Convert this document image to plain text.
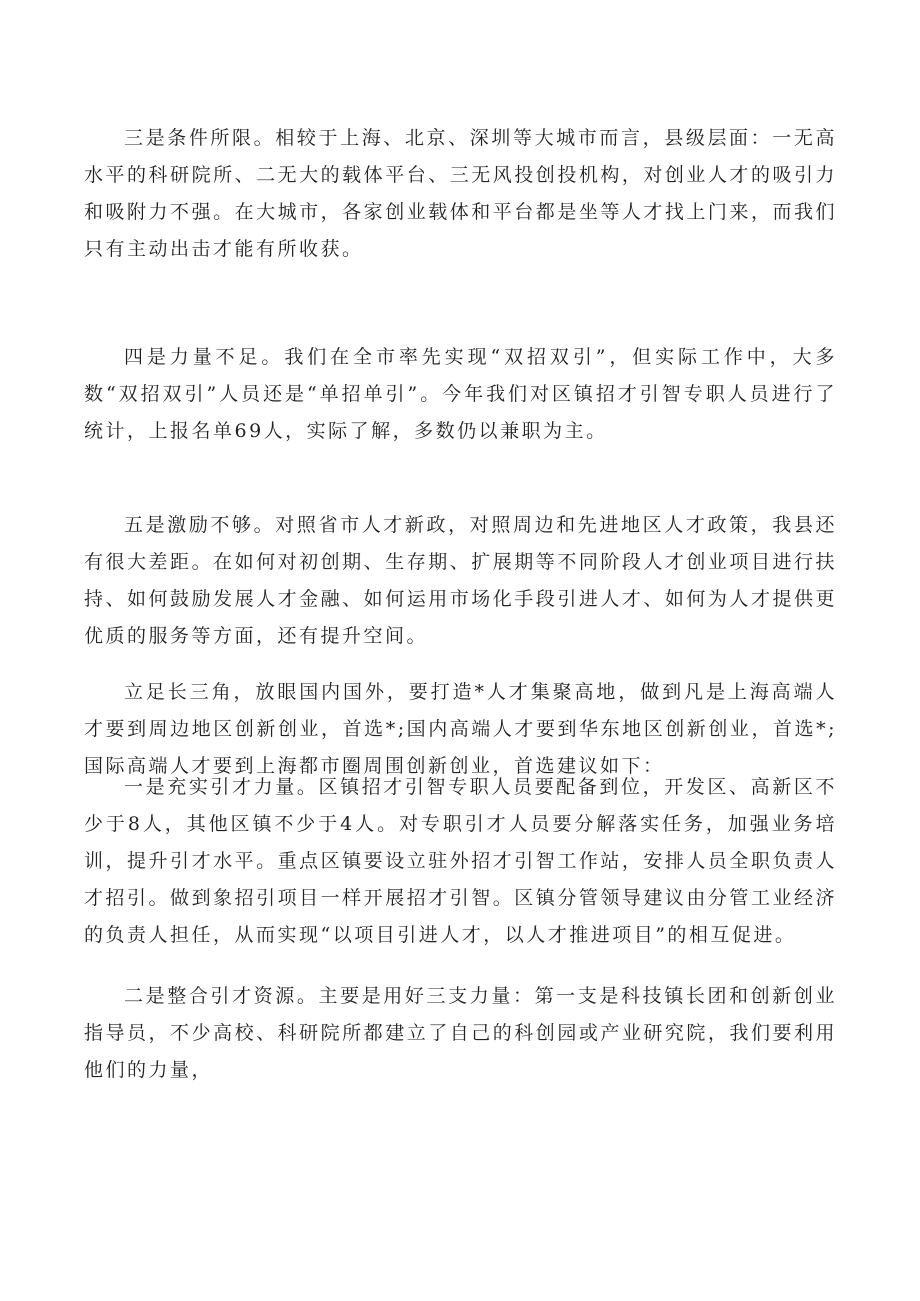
三是条件所限。相较于上海、北京、深圳等大城市而言，县级层面：一无高水平的科研院所、二无大的载体平台、三无风投创投机构，对创业人才的吸引力和吸附力不强。在大城市，各家创业载体和平台都是坐等人才找上门来，而我们只有主动出击才能有所收获。

四是力量不足。我们在全市率先实现“双招双引”，但实际工作中，大多数“双招双引”人员还是“单招单引”。今年我们对区镇招才引智专职人员进行了统计，上报名单69人，实际了解，多数仍以兼职为主。

五是激励不够。对照省市人才新政，对照周边和先进地区人才政策，我县还有很大差距。在如何对初创期、生存期、扩展期等不同阶段人才创业项目进行扶持、如何鼓励发展人才金融、如何运用市场化手段引进人才、如何为人才提供更优质的服务等方面，还有提升空间。

立足长三角，放眼国内国外，要打造*人才集聚高地，做到凡是上海高端人才要到周边地区创新创业，首选*;国内高端人才要到华东地区创新创业，首选*;国际高端人才要到上海都市圈周围创新创业，首选建议如下：

一是充实引才力量。区镇招才引智专职人员要配备到位，开发区、高新区不少于8人，其他区镇不少于4人。对专职引才人员要分解落实任务，加强业务培训，提升引才水平。重点区镇要设立驻外招才引智工作站，安排人员全职负责人才招引。做到象招引项目一样开展招才引智。区镇分管领导建议由分管工业经济的负责人担任，从而实现“以项目引进人才，以人才推进项目”的相互促进。

二是整合引才资源。主要是用好三支力量：第一支是科技镇长团和创新创业指导员，不少高校、科研院所都建立了自己的科创园或产业研究院，我们要利用他们的力量，
